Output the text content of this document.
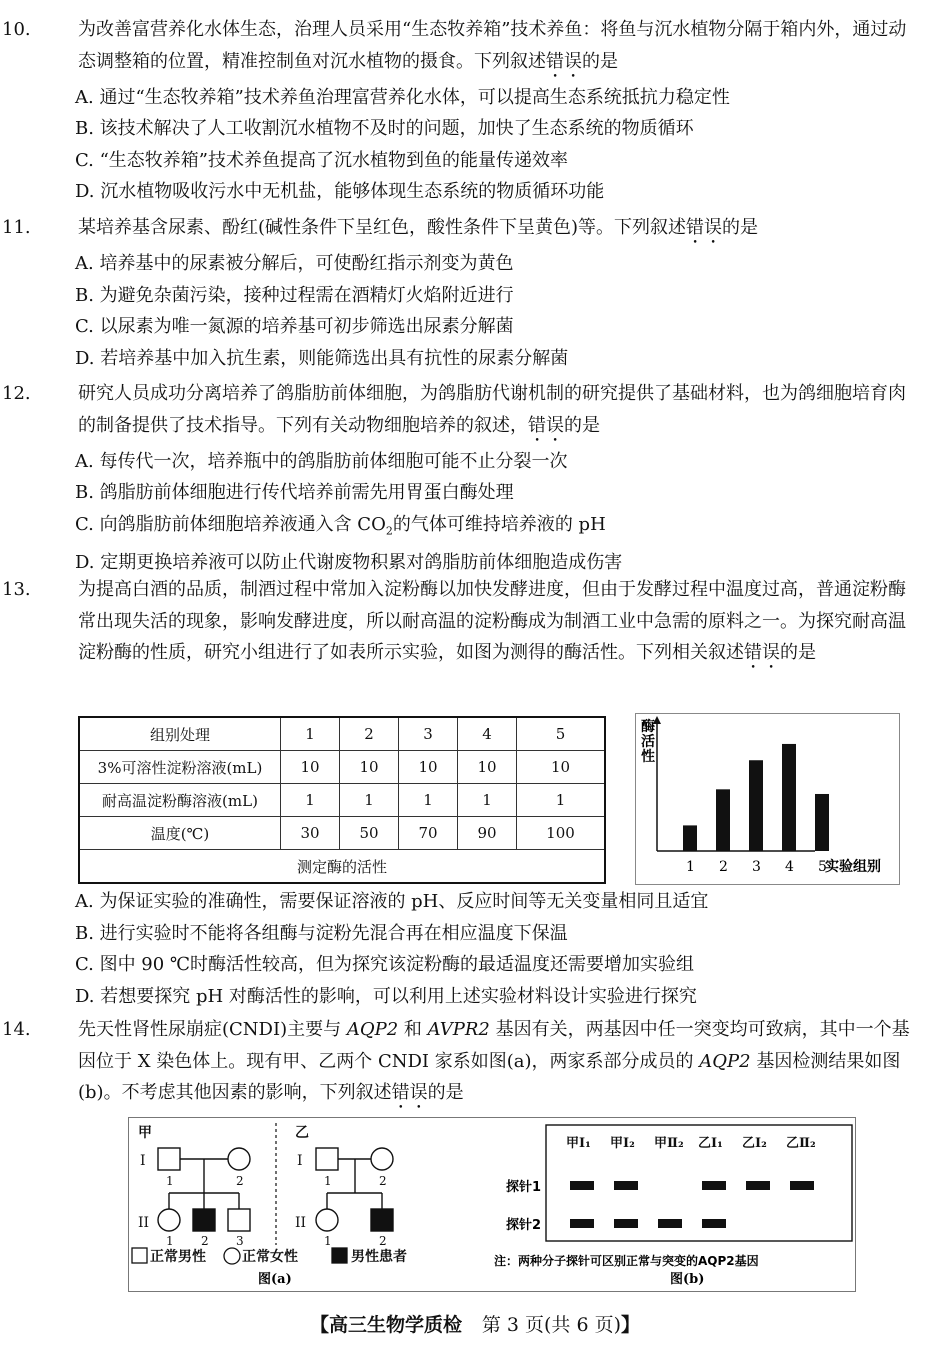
10.	为改善富营养化水体生态，治理人员采用“生态牧养箱”技术养鱼：将鱼与沉水植物分隔于箱内外，通过动态调整箱的位置，精准控制鱼对沉水植物的摄食。下列叙述错误的是
A. 通过“生态牧养箱”技术养鱼治理富营养化水体，可以提高生态系统抵抗力稳定性
B. 该技术解决了人工收割沉水植物不及时的问题，加快了生态系统的物质循环
C. “生态牧养箱”技术养鱼提高了沉水植物到鱼的能量传递效率
D. 沉水植物吸收污水中无机盐，能够体现生态系统的物质循环功能
11.	某培养基含尿素、酚红(碱性条件下呈红色，酸性条件下呈黄色)等。下列叙述错误的是
A. 培养基中的尿素被分解后，可使酚红指示剂变为黄色
B. 为避免杂菌污染，接种过程需在酒精灯火焰附近进行
C. 以尿素为唯一氮源的培养基可初步筛选出尿素分解菌
D. 若培养基中加入抗生素，则能筛选出具有抗性的尿素分解菌
12.	研究人员成功分离培养了鸽脂肪前体细胞，为鸽脂肪代谢机制的研究提供了基础材料，也为鸽细胞培育肉的制备提供了技术指导。下列有关动物细胞培养的叙述，错误的是
A. 每传代一次，培养瓶中的鸽脂肪前体细胞可能不止分裂一次
B. 鸽脂肪前体细胞进行传代培养前需先用胃蛋白酶处理
C. 向鸽脂肪前体细胞培养液通入含 $CO_2$的气体可维持培养液的 pH
D. 定期更换培养液可以防止代谢废物积累对鸽脂肪前体细胞造成伤害
13.	为提高白酒的品质，制酒过程中常加入淀粉酶以加快发酵进度，但由于发酵过程中温度过高，普通淀粉酶常出现失活的现象，影响发酵进度，所以耐高温的淀粉酶成为制酒工业中急需的原料之一。为探究耐高温淀粉酶的性质，研究小组进行了如表所示实验，如图为测得的酶活性。下列相关叙述错误的是
组别处理	1	2	3	4	5
3%可溶性淀粉溶液(mL)	10	10	10	10	10
耐高温淀粉酶溶液(mL)	1	1	1	1	1
温度(℃)	30	50	70	90	100
测定酶的活性					
酶
活
性
实验组别
1 2 3 4 5
A. 为保证实验的准确性，需要保证溶液的 pH、反应时间等无关变量相同且适宜
B. 进行实验时不能将各组酶与淀粉先混合再在相应温度下保温
C. 图中 90 ℃时酶活性较高，但为探究该淀粉酶的最适温度还需要增加实验组
D. 若想要探究 pH 对酶活性的影响，可以利用上述实验材料设计实验进行探究
14.	先天性肾性尿崩症(CNDI)主要与 AQP2 和 AVPR2 基因有关，两基因中任一突变均可致病，其中一个基因位于 X 染色体上。现有甲、乙两个 CNDI 家系如图(a)，两家系部分成员的 AQP2 基因检测结果如图(b)。不考虑其他因素的影响，下列叙述错误的是
甲
I
II
乙
I
II
1	2
1 2 3
1	2
1	2
正常男性	正常女性	男性患者
图(a)
甲Ⅰ₁ 甲Ⅰ₂ 甲Ⅱ₂ 乙Ⅰ₁ 乙Ⅰ₂ 乙Ⅱ₂
探针1
探针2
注：两种分子探针可区别正常与突变的AQP2基因
图(b)
【高三生物学质检 第 3 页(共 6 页)】
